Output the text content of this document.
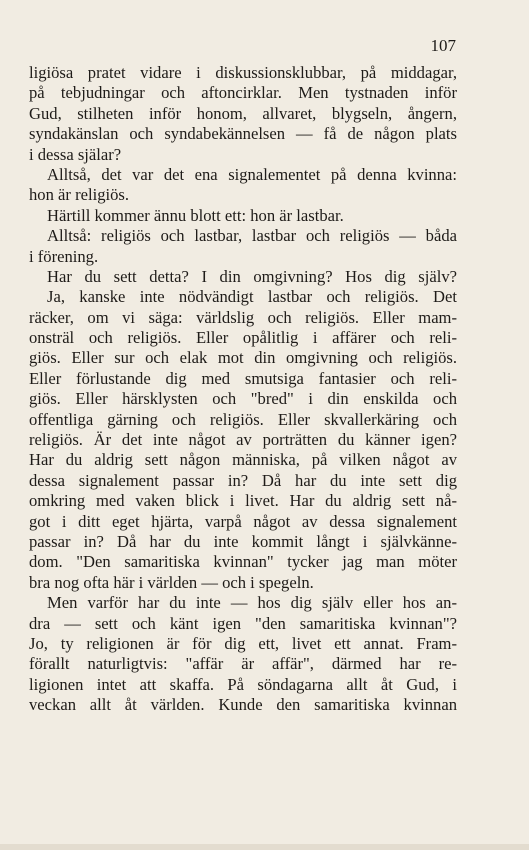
107
ligiösa pratet vidare i diskussionsklubbar, på middagar,
på tebjudningar och aftoncirklar. Men tystnaden inför
Gud, stilheten inför honom, allvaret, blygseln, ångern,
syndakänslan och syndabekännelsen — få de någon plats
i dessa själar?
Alltså, det var det ena signalementet på denna kvinna:
hon är religiös.
Härtill kommer ännu blott ett: hon är lastbar.
Alltså: religiös och lastbar, lastbar och religiös — båda
i förening.
Har du sett detta? I din omgivning? Hos dig själv?
Ja, kanske inte nödvändigt lastbar och religiös. Det
räcker, om vi säga: världslig och religiös. Eller mam-
onsträl och religiös. Eller opålitlig i affärer och reli-
giös. Eller sur och elak mot din omgivning och religiös.
Eller förlustande dig med smutsiga fantasier och reli-
giös. Eller härsklysten och "bred" i din enskilda och
offentliga gärning och religiös. Eller skvallerkäring och
religiös. Är det inte något av porträtten du känner igen?
Har du aldrig sett någon människa, på vilken något av
dessa signalement passar in? Då har du inte sett dig
omkring med vaken blick i livet. Har du aldrig sett nå-
got i ditt eget hjärta, varpå något av dessa signalement
passar in? Då har du inte kommit långt i självkänne-
dom. "Den samaritiska kvinnan" tycker jag man möter
bra nog ofta här i världen — och i spegeln.
Men varför har du inte — hos dig själv eller hos an-
dra — sett och känt igen "den samaritiska kvinnan"?
Jo, ty religionen är för dig ett, livet ett annat. Fram-
förallt naturligtvis: "affär är affär", därmed har re-
ligionen intet att skaffa. På söndagarna allt åt Gud, i
veckan allt åt världen. Kunde den samaritiska kvinnan
